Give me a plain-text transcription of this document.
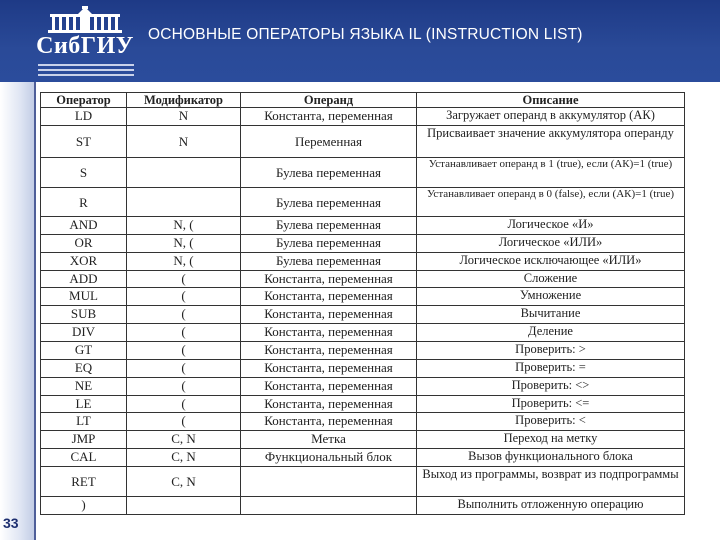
СибГИУ ОСНОВНЫЕ ОПЕРАТОРЫ ЯЗЫКА IL (INSTRUCTION LIST)
33
Оператор	Модификатор	Операнд	Описание
LD	N	Константа, переменная	Загружает операнд в аккумулятор (АК)
ST	N	Переменная	Присваивает значение аккумулятора операнду
S		Булева переменная	Устанавливает операнд в 1 (true), если (АК)=1 (true)
R		Булева переменная	Устанавливает операнд в 0 (false), если (АК)=1 (true)
AND	N, (	Булева переменная	Логическое «И»
OR	N, (	Булева переменная	Логическое «ИЛИ»
XOR	N, (	Булева переменная	Логическое исключающее «ИЛИ»
ADD	(	Константа, переменная	Сложение
MUL	(	Константа, переменная	Умножение
SUB	(	Константа, переменная	Вычитание
DIV	(	Константа, переменная	Деление
GT	(	Константа, переменная	Проверить: >
EQ	(	Константа, переменная	Проверить: =
NE	(	Константа, переменная	Проверить: <>
LE	(	Константа, переменная	Проверить: <=
LT	(	Константа, переменная	Проверить: <
JMP	C, N	Метка	Переход на метку
CAL	C, N	Функциональный блок	Вызов функционального блока
RET	C, N		Выход из программы, возврат из подпрограммы
)			Выполнить отложенную операцию
